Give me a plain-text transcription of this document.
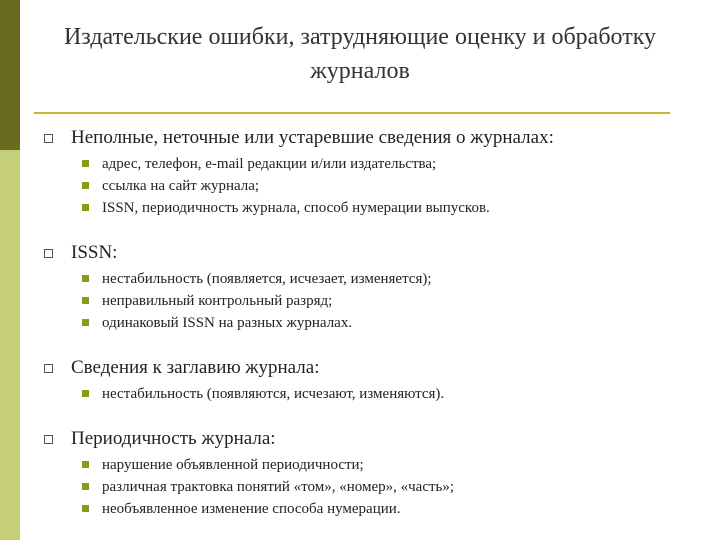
Издательские ошибки, затрудняющие оценку и обработку журналов
Неполные, неточные или устаревшие сведения о журналах:
адрес, телефон, e-mail редакции и/или издательства;
ссылка на сайт журнала;
ISSN, периодичность журнала, способ нумерации выпусков.
ISSN:
нестабильность (появляется, исчезает, изменяется);
неправильный контрольный разряд;
одинаковый ISSN на разных журналах.
Сведения к заглавию журнала:
нестабильность (появляются, исчезают, изменяются).
Периодичность журнала:
нарушение объявленной периодичности;
различная трактовка понятий «том», «номер», «часть»;
необъявленное изменение способа нумерации.
